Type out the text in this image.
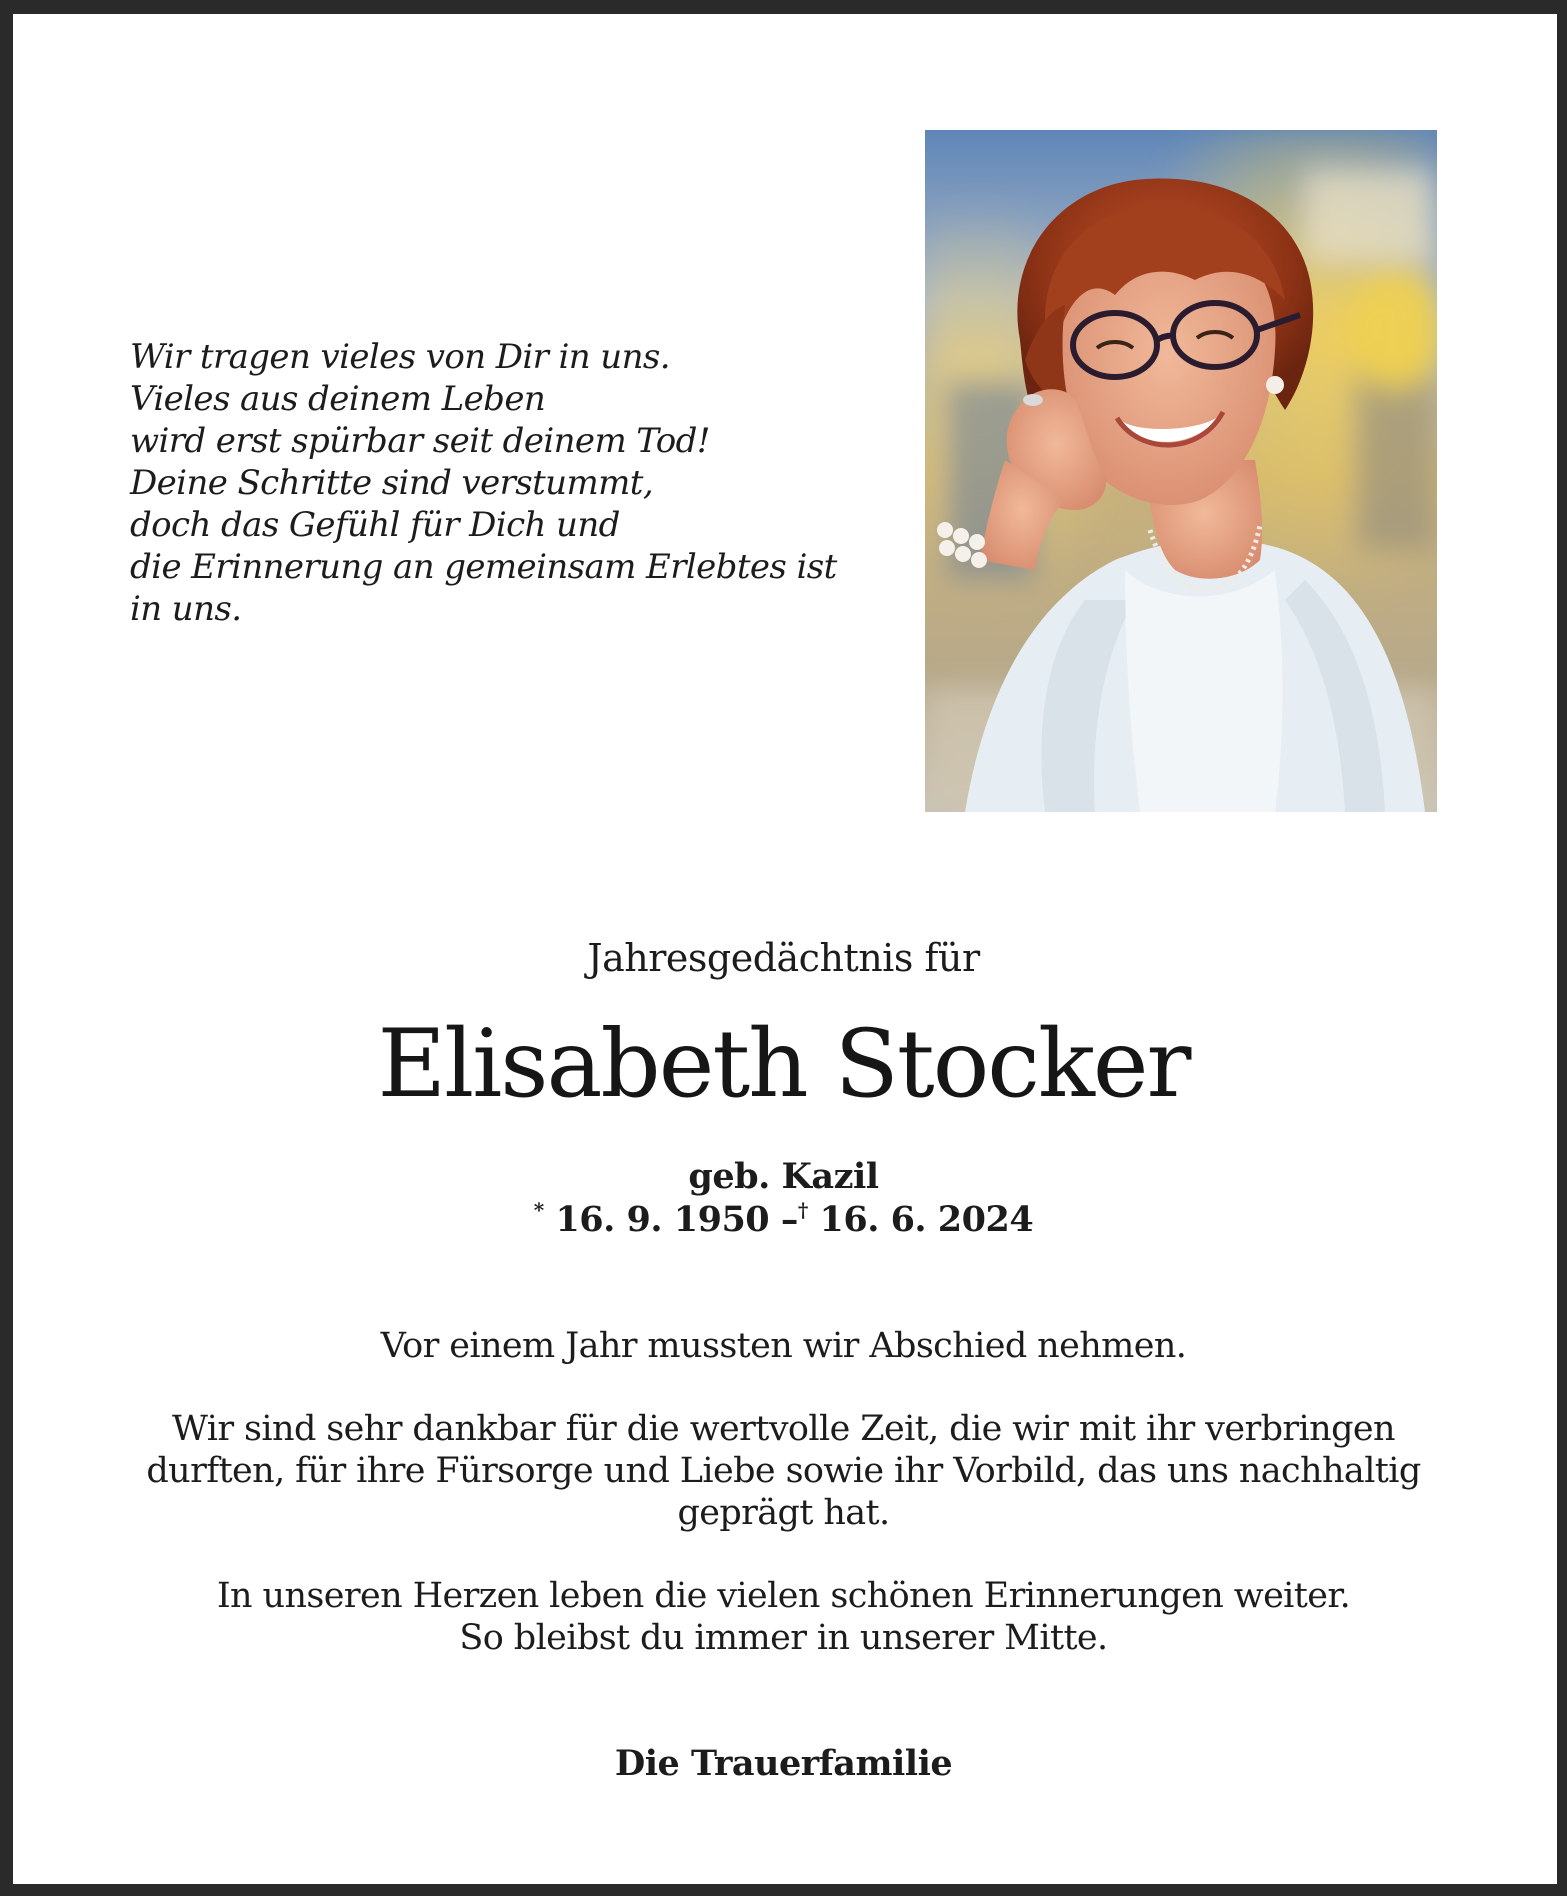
Wir tragen vieles von Dir in uns.
Vieles aus deinem Leben
wird erst spürbar seit deinem Tod!
Deine Schritte sind verstummt,
doch das Gefühl für Dich und
die Erinnerung an gemeinsam Erlebtes ist
in uns.
Jahresgedächtnis für
Elisabeth Stocker
geb. Kazil
* 16. 9. 1950 –† 16. 6. 2024
Vor einem Jahr mussten wir Abschied nehmen.
Wir sind sehr dankbar für die wertvolle Zeit, die wir mit ihr verbringen
durften, für ihre Fürsorge und Liebe sowie ihr Vorbild, das uns nachhaltig
geprägt hat.
In unseren Herzen leben die vielen schönen Erinnerungen weiter.
So bleibst du immer in unserer Mitte.
Die Trauerfamilie
